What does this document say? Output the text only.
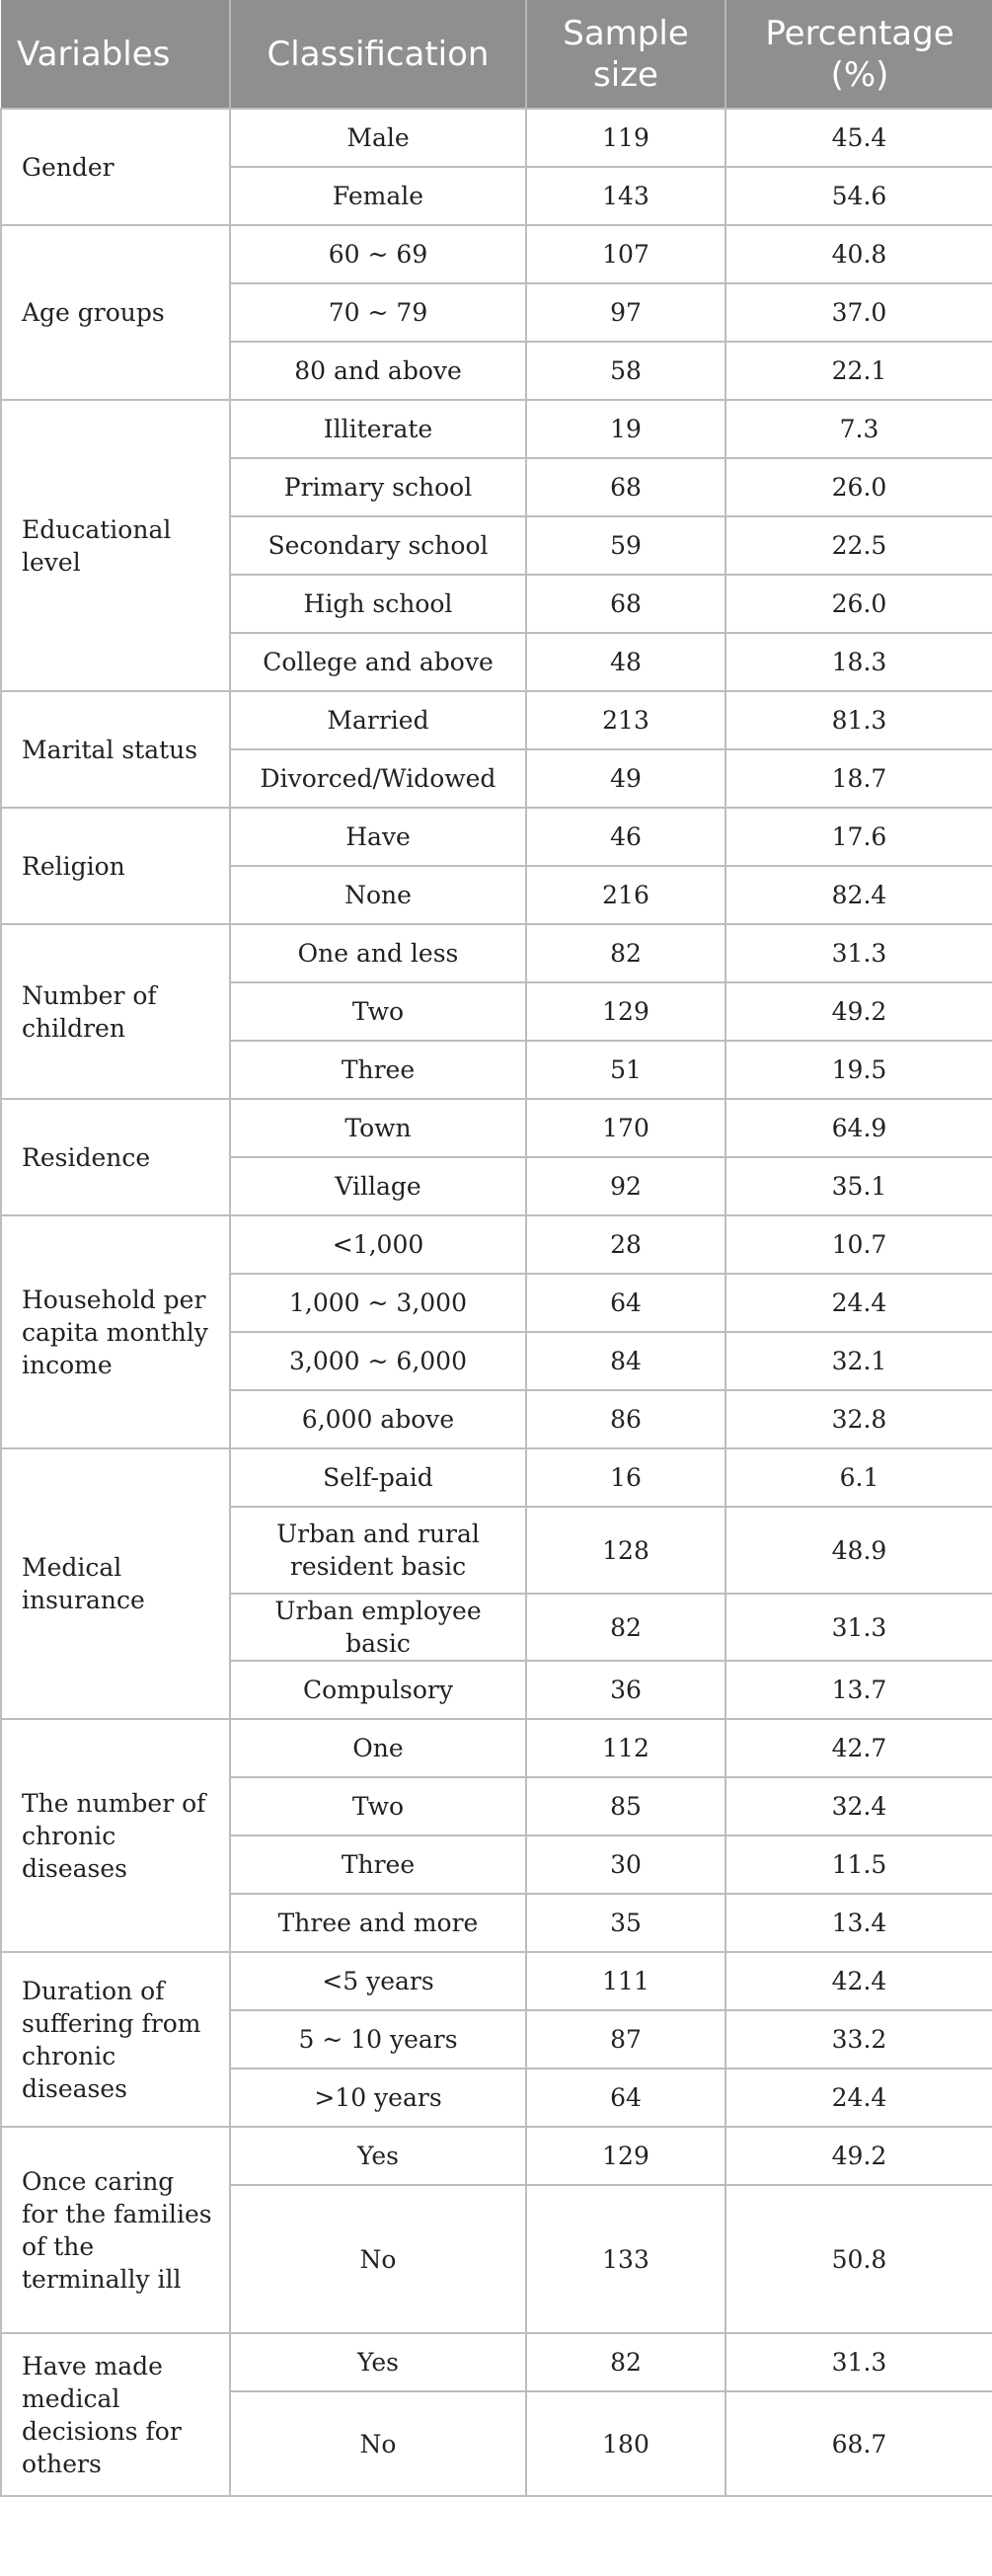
Variables	Classification	Sample size	Percentage (%)
Gender	Male	119	45.4
	Female	143	54.6
Age groups	60 ~ 69	107	40.8
	70 ~ 79	97	37.0
	80 and above	58	22.1
Educational level	Illiterate	19	7.3
	Primary school	68	26.0
	Secondary school	59	22.5
	High school	68	26.0
	College and above	48	18.3
Marital status	Married	213	81.3
	Divorced/Widowed	49	18.7
Religion	Have	46	17.6
	None	216	82.4
Number of children	One and less	82	31.3
	Two	129	49.2
	Three	51	19.5
Residence	Town	170	64.9
	Village	92	35.1
Household per capita monthly income	<1,000	28	10.7
	1,000 ~ 3,000	64	24.4
	3,000 ~ 6,000	84	32.1
	6,000 above	86	32.8
Medical insurance	Self-paid	16	6.1
	Urban and rural resident basic	128	48.9
	Urban employee basic	82	31.3
	Compulsory	36	13.7
The number of chronic diseases	One	112	42.7
	Two	85	32.4
	Three	30	11.5
	Three and more	35	13.4
Duration of suffering from chronic diseases	<5 years	111	42.4
	5 ~ 10 years	87	33.2
	>10 years	64	24.4
Once caring for the families of the terminally ill	Yes	129	49.2
	No	133	50.8
Have made medical decisions for others	Yes	82	31.3
	No	180	68.7
